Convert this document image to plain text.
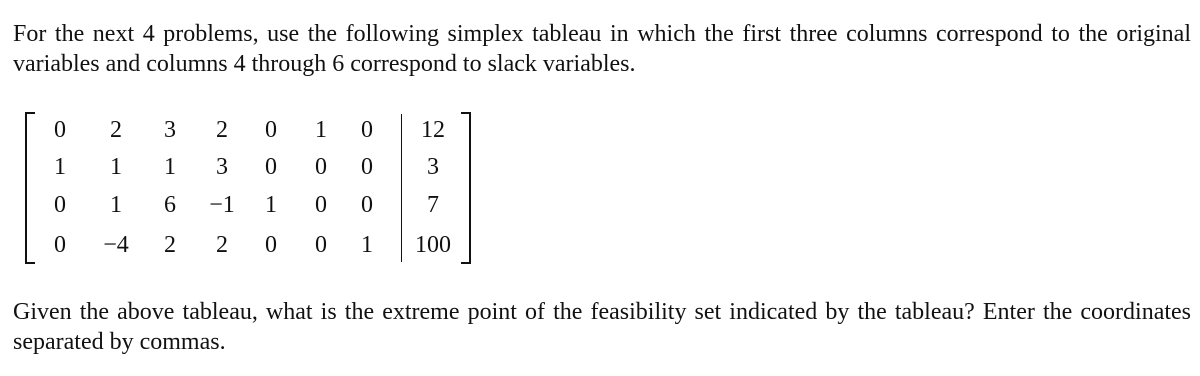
For the next 4 problems, use the following simplex tableau in which the first three columns correspond to the original variables and columns 4 through 6 correspond to slack variables.

0	2	3	2	0	1	0	12
1	1	1	3	0	0	0	3
0	1	6	−1	1	0	0	7
0	−4	2	2	0	0	1	100

Given the above tableau, what is the extreme point of the feasibility set indicated by the tableau? Enter the coordinates separated by commas.
